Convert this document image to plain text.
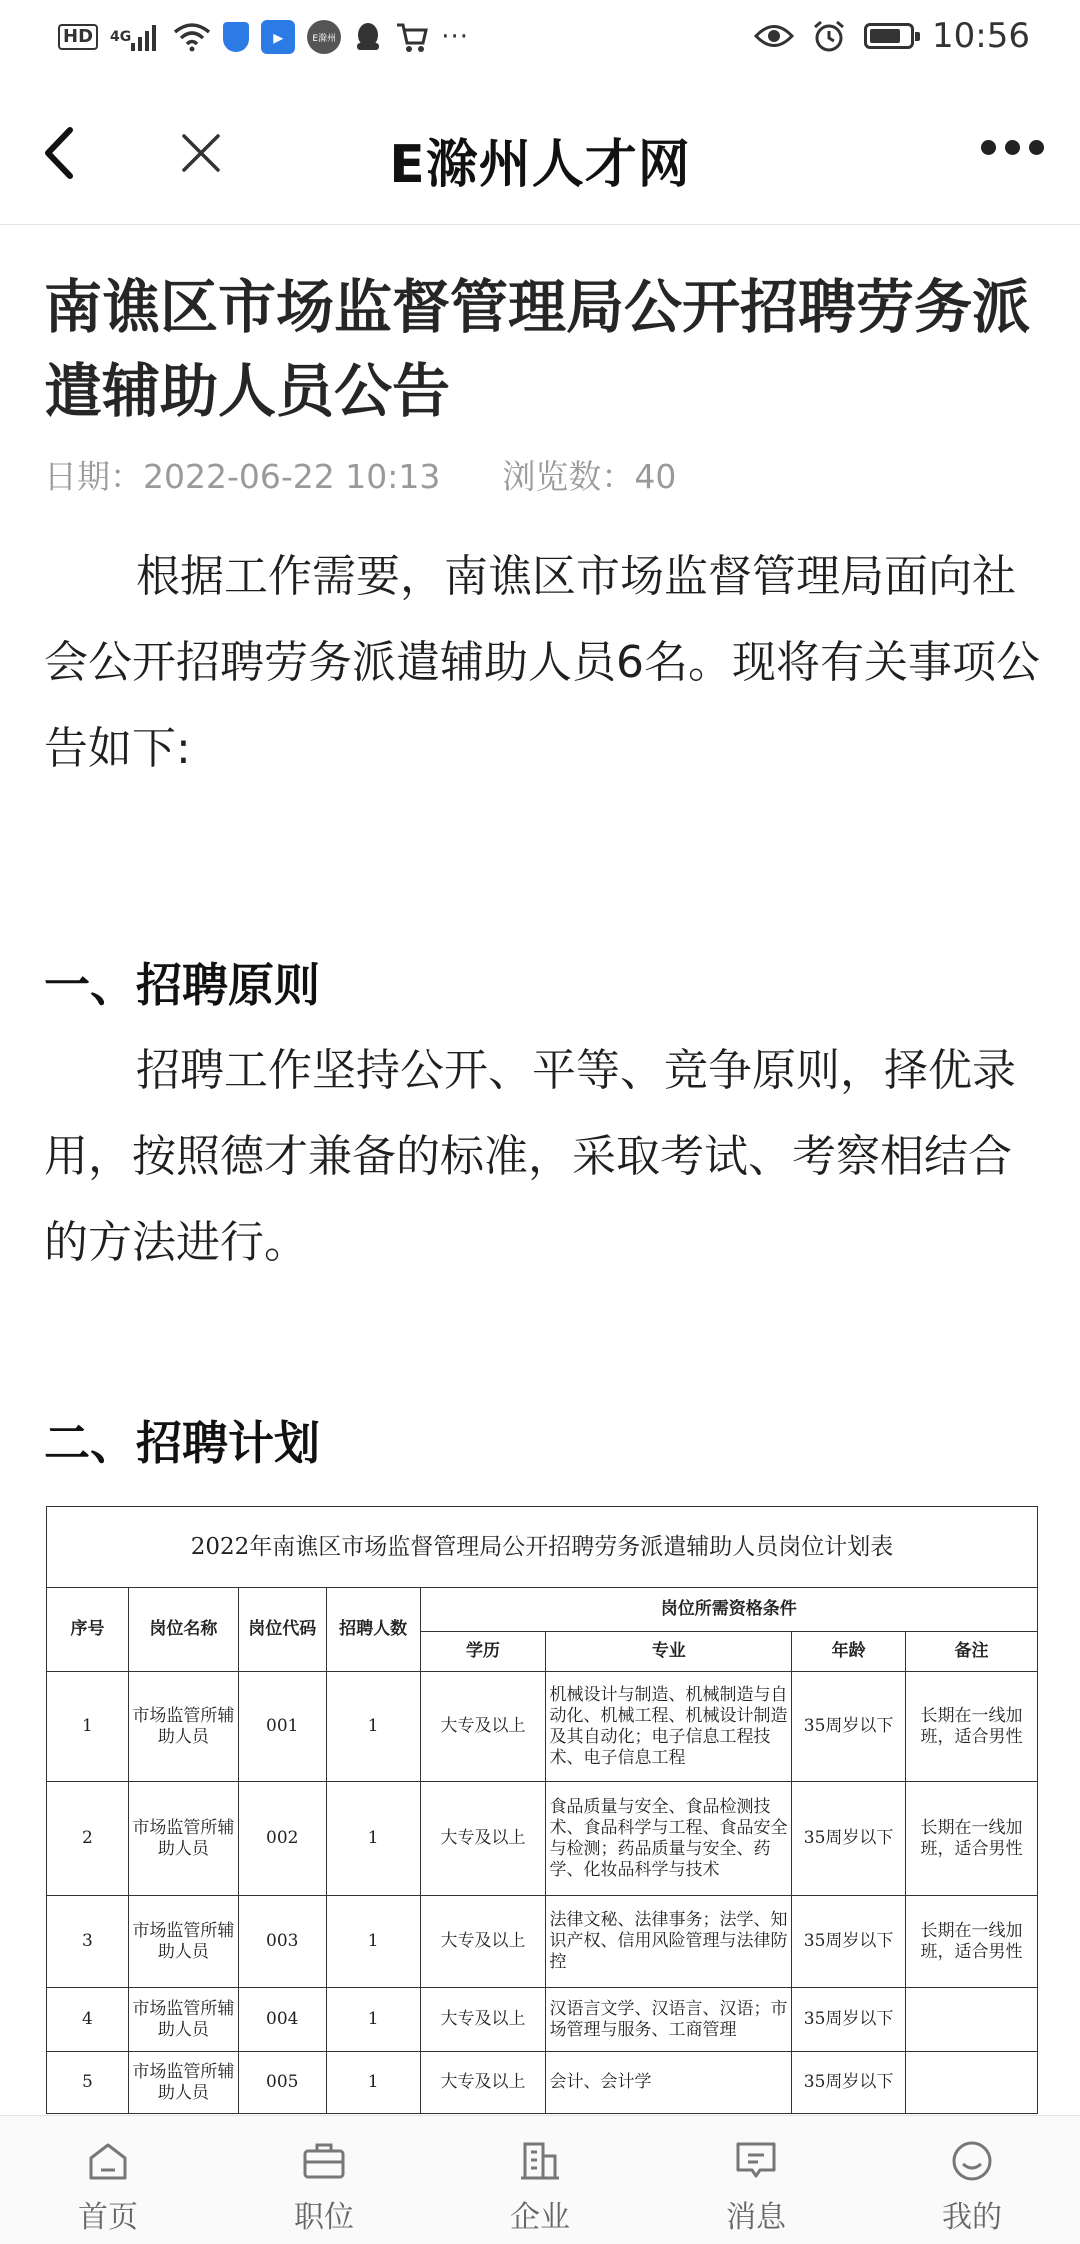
HD	4G	▸	E滁州	···	10:56
E滁州人才网
南谯区市场监督管理局公开招聘劳务派遣辅助人员公告
日期：2022-06-22 10:13 浏览数：40
根据工作需要，南谯区市场监督管理局面向社会公开招聘劳务派遣辅助人员6名。现将有关事项公告如下:
一、招聘原则
招聘工作坚持公开、平等、竞争原则，择优录用，按照德才兼备的标准，采取考试、考察相结合的方法进行。
二、招聘计划
2022年南谯区市场监督管理局公开招聘劳务派遣辅助人员岗位计划表							
序号	岗位名称	岗位代码	招聘人数	岗位所需资格条件			
				学历	专业	年龄	备注
1	市场监管所辅助人员	001	1	大专及以上	机械设计与制造、机械制造与自动化、机械工程、机械设计制造及其自动化；电子信息工程技术、电子信息工程	35周岁以下	长期在一线加班，适合男性
2	市场监管所辅助人员	002	1	大专及以上	食品质量与安全、食品检测技术、食品科学与工程、食品安全与检测；药品质量与安全、药学、化妆品科学与技术	35周岁以下	长期在一线加班，适合男性
3	市场监管所辅助人员	003	1	大专及以上	法律文秘、法律事务；法学、知识产权、信用风险管理与法律防控	35周岁以下	长期在一线加班，适合男性
4	市场监管所辅助人员	004	1	大专及以上	汉语言文学、汉语言、汉语；市场管理与服务、工商管理	35周岁以下	
5	市场监管所辅助人员	005	1	大专及以上	会计、会计学	35周岁以下	
首页	职位	企业	消息	我的
